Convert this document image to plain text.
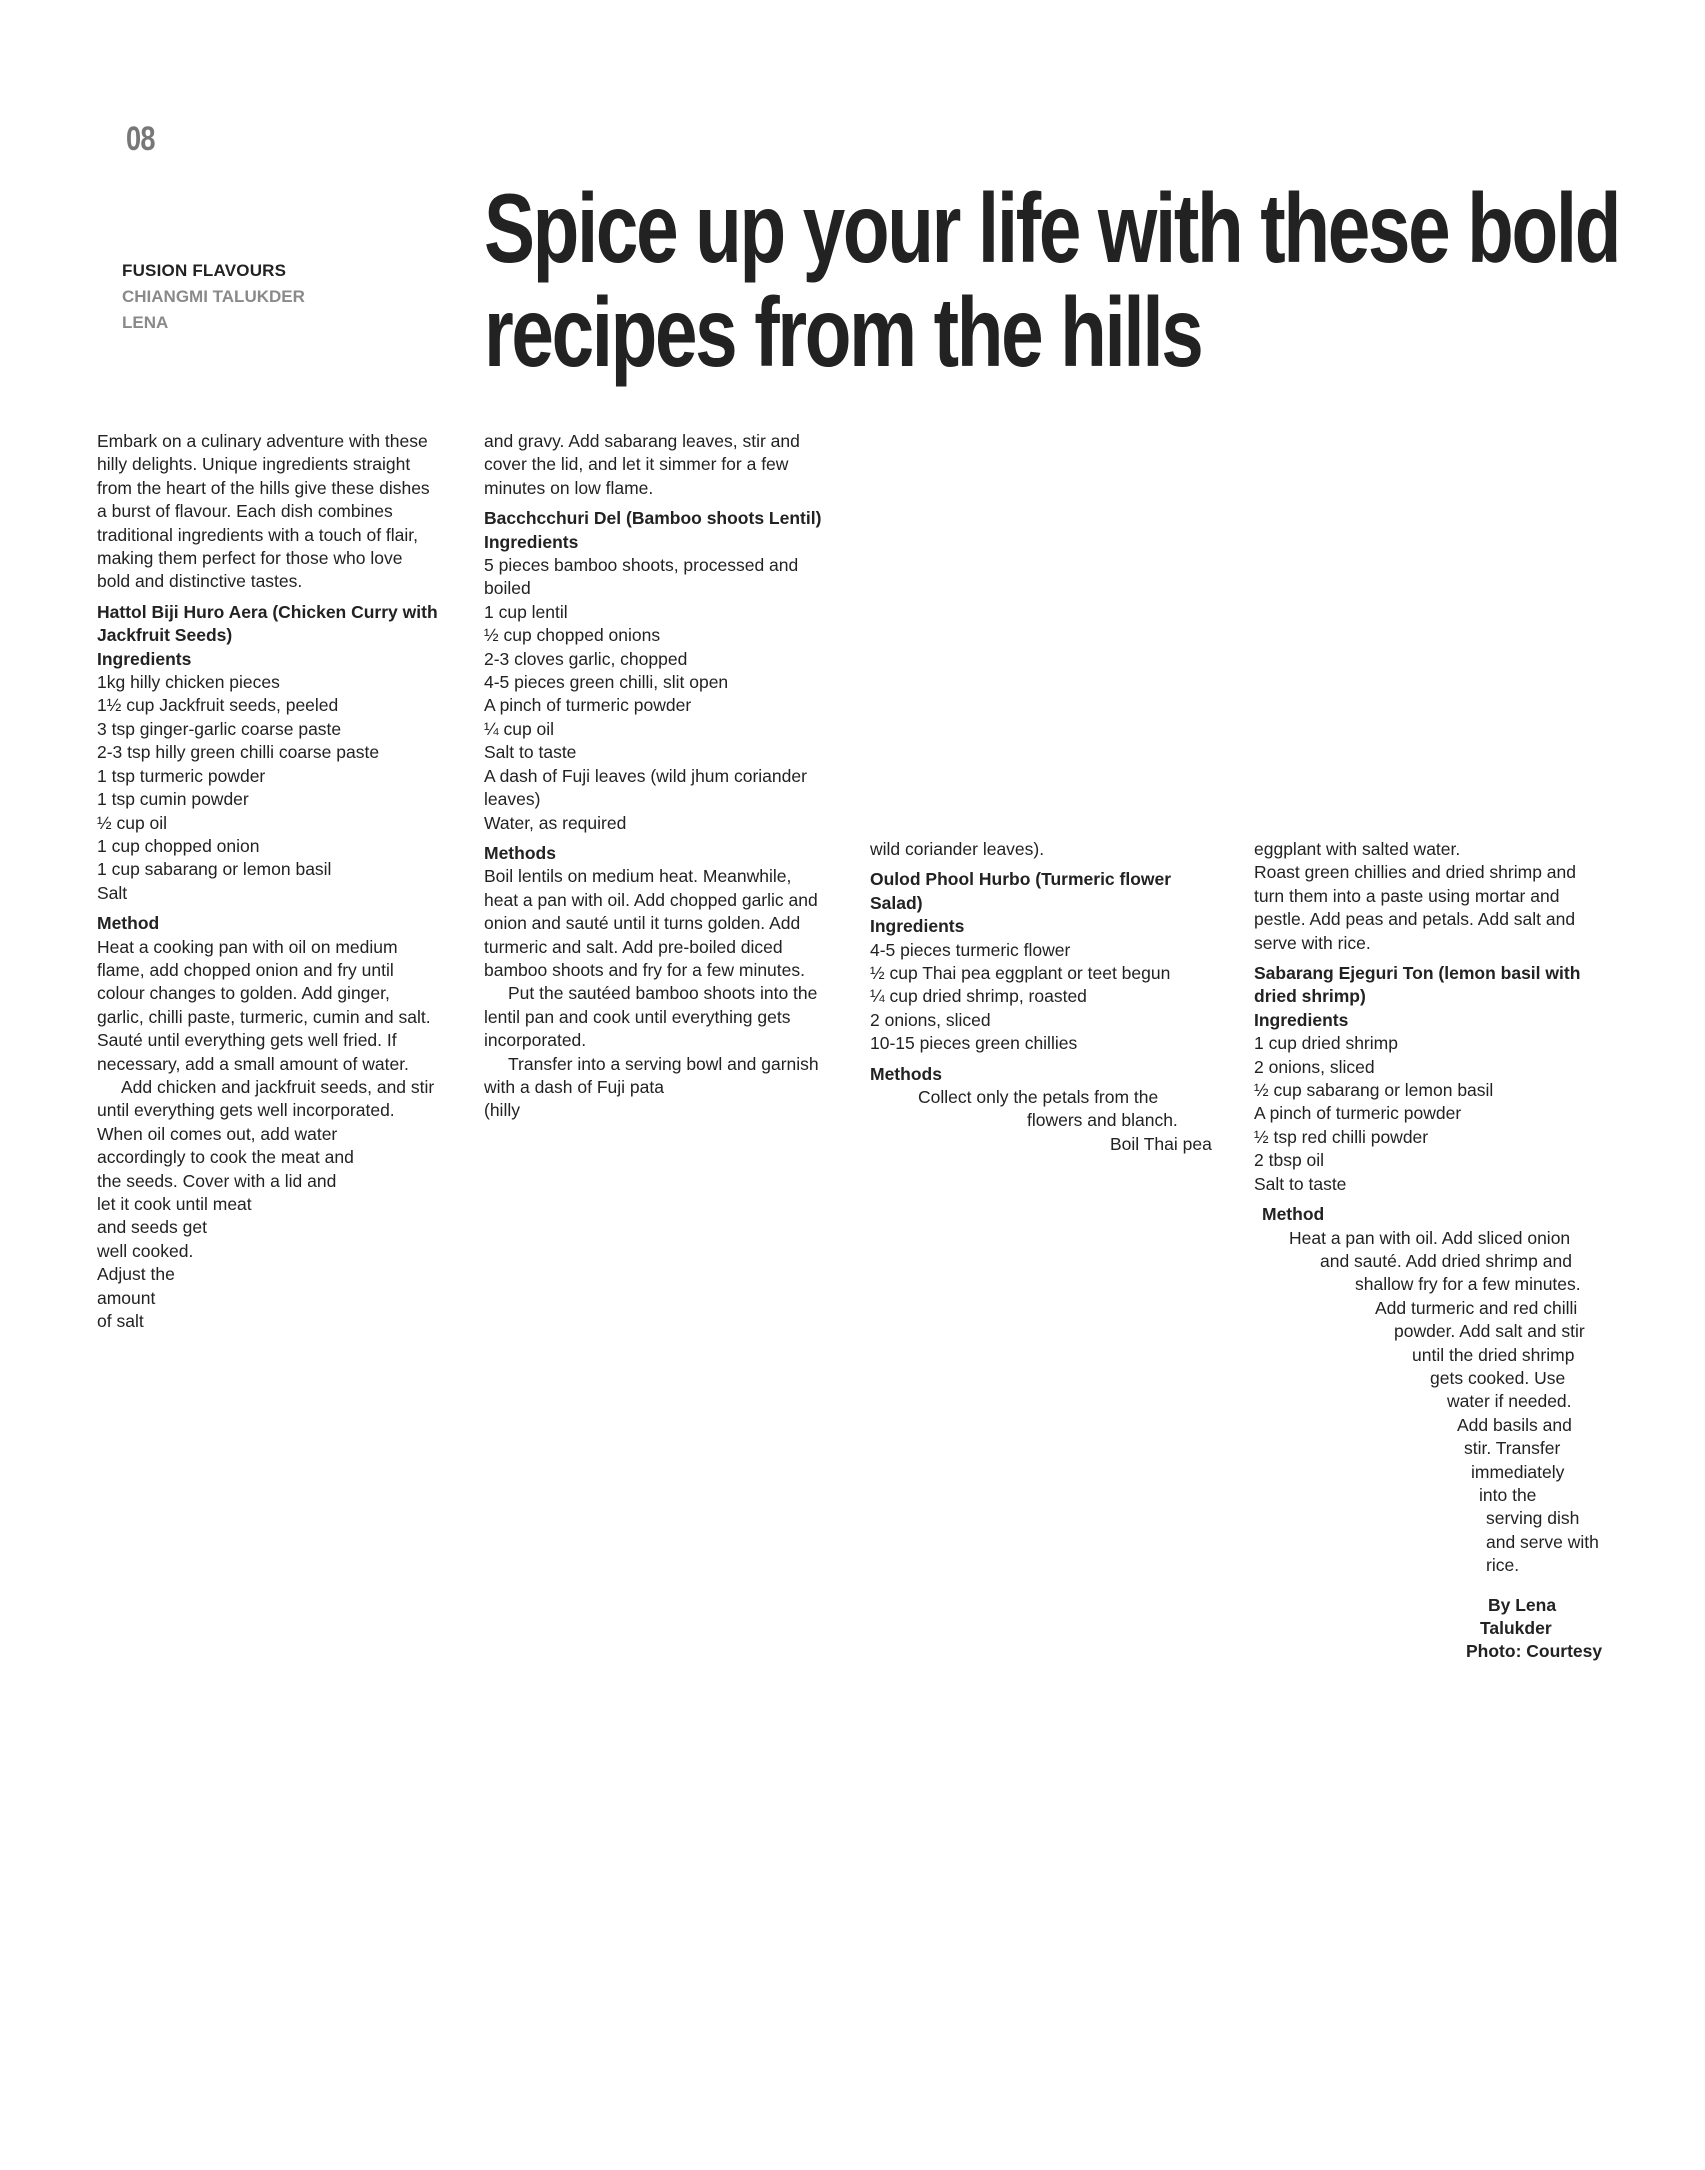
08
FUSION FLAVOURS
CHIANGMI TALUKDER
LENA
Spice up your life with these bold
recipes from the hills

Embark on a culinary adventure with these
hilly delights. Unique ingredients straight
from the heart of the hills give these dishes
a burst of flavour. Each dish combines
traditional ingredients with a touch of flair,
making them perfect for those who love
bold and distinctive tastes.

Hattol Biji Huro Aera (Chicken Curry with
Jackfruit Seeds)

Ingredients

1kg hilly chicken pieces
1½ cup Jackfruit seeds, peeled
3 tsp ginger-garlic coarse paste
2-3 tsp hilly green chilli coarse paste
1 tsp turmeric powder
1 tsp cumin powder
½ cup oil
1 cup chopped onion
1 cup sabarang or lemon basil
Salt

Method

Heat a cooking pan with oil on medium
flame, add chopped onion and fry until
colour changes to golden. Add ginger,
garlic, chilli paste, turmeric, cumin and salt.
Sauté until everything gets well fried. If
necessary, add a small amount of water.

Add chicken and jackfruit seeds, and stir
until everything gets well incorporated.
When oil comes out, add water
accordingly to cook the meat and
the seeds. Cover with a lid and
let it cook until meat
and seeds get
well cooked.
Adjust the
amount
of salt

and gravy. Add sabarang leaves, stir and
cover the lid, and let it simmer for a few
minutes on low flame.

Bacchcchuri Del (Bamboo shoots Lentil)

Ingredients

5 pieces bamboo shoots, processed and
boiled
1 cup lentil
½ cup chopped onions
2-3 cloves garlic, chopped
4-5 pieces green chilli, slit open
A pinch of turmeric powder
¼ cup oil
Salt to taste
A dash of Fuji leaves (wild jhum coriander
leaves)
Water, as required

Methods

Boil lentils on medium heat. Meanwhile,
heat a pan with oil. Add chopped garlic and
onion and sauté until it turns golden. Add
turmeric and salt. Add pre-boiled diced
bamboo shoots and fry for a few minutes.

Put the sautéed bamboo shoots into the
lentil pan and cook until everything gets
incorporated.

Transfer into a serving bowl and garnish
with a dash of Fuji pata
(hilly

wild coriander leaves).

Oulod Phool Hurbo (Turmeric flower
Salad)

Ingredients

4-5 pieces turmeric flower
½ cup Thai pea eggplant or teet begun
¼ cup dried shrimp, roasted
2 onions, sliced
10-15 pieces green chillies

Methods

Collect only the petals from the
flowers and blanch.
Boil Thai pea

eggplant with salted water.
Roast green chillies and dried shrimp and
turn them into a paste using mortar and
pestle. Add peas and petals. Add salt and
serve with rice.

Sabarang Ejeguri Ton (lemon basil with
dried shrimp)

Ingredients

1 cup dried shrimp
2 onions, sliced
½ cup sabarang or lemon basil
A pinch of turmeric powder
½ tsp red chilli powder
2 tbsp oil
Salt to taste

Method

Heat a pan with oil. Add sliced onion
and sauté. Add dried shrimp and
shallow fry for a few minutes.
Add turmeric and red chilli
powder. Add salt and stir
until the dried shrimp
gets cooked. Use
water if needed.
Add basils and
stir. Transfer
immediately
into the
serving dish
and serve with
rice.

By Lena
Talukder
Photo: Courtesy
